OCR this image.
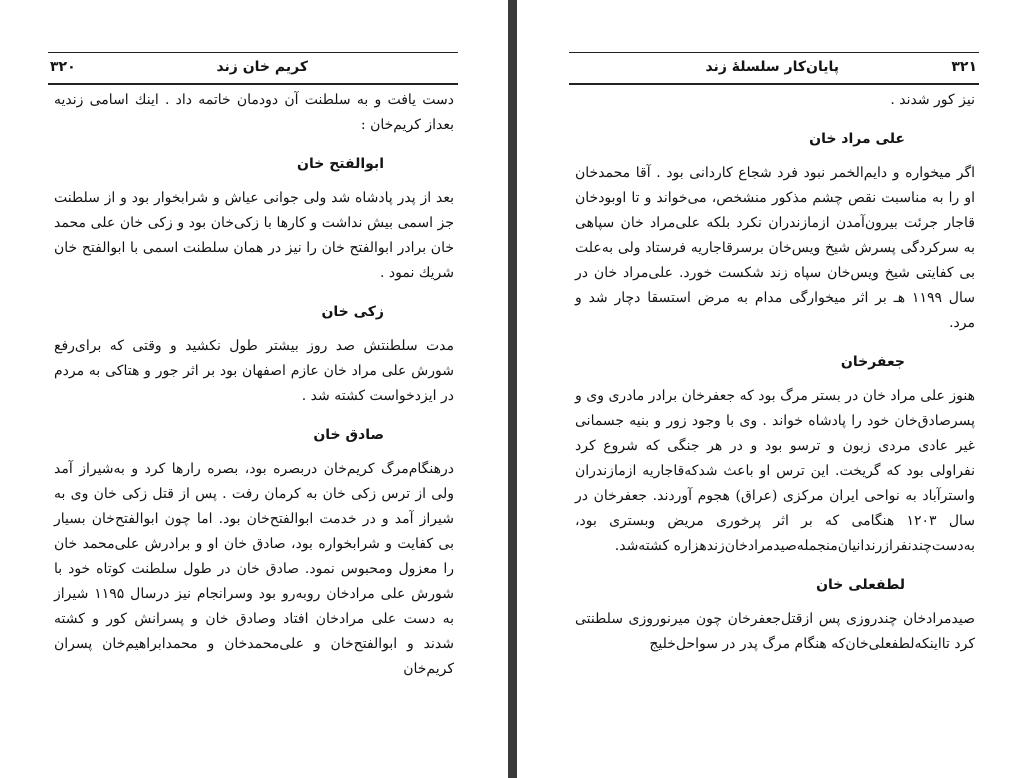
كريم خان زند
۳۲۰

دست يافت و به سلطنت آن دودمان خاتمه داد . اينك اسامی زنديه بعداز كريم‌خان :

ابوالفتح خان

بعد از پدر پادشاه شد ولی جوانی عياش و شرابخوار بود و از سلطنت جز اسمی بيش نداشت و كارها با زكی‌خان بود و زكی خان علی محمد خان برادر ابوالفتح خان را نيز در همان سلطنت اسمی با ابوالفتح خان شريك نمود .

زكی خان

مدت سلطنتش صد روز بيشتر طول نكشيد و وقتی كه برای‌رفع شورش علی مراد خان عازم اصفهان بود بر اثر جور و هتاكی به مردم در ايزدخواست كشته شد .

صادق خان

درهنگام‌مرگ كريم‌خان دربصره بود، بصره رارها كرد و به‌شيراز آمد ولی از ترس زكی خان به كرمان رفت . پس از قتل زكی خان وی به شيراز آمد و در خدمت ابوالفتح‌خان بود. اما چون ابوالفتح‌خان بسيار بی كفايت و شرابخواره بود، صادق خان او و برادرش علی‌محمد خان را معزول ومحبوس نمود. صادق خان در طول سلطنت كوتاه خود با شورش علی مرادخان روبه‌رو بود وسرانجام نيز درسال ۱۱۹۵ شيراز به دست علی مرادخان افتاد وصادق خان و پسرانش كور و كشته شدند و ابوالفتح‌خان و علی‌محمدخان و محمدابراهيم‌خان پسران كريم‌خان

۳۲۱
پايان‌كار سلسلهٔ زند

نيز كور شدند .

علی مراد خان

اگر ميخواره و دايم‌الخمر نبود فرد شجاع كاردانی بود . آقا محمدخان او را به مناسبت نقص چشم مذكور منشخص، می‌خواند و تا اوبودخان قاجار جرئت بيرون‌آمدن ازمازندران نكرد بلكه علی‌مراد خان سپاهی به سركردگی پسرش شيخ ويس‌خان برسرقاجاريه فرستاد ولی به‌علت بی كفايتی شيخ ويس‌خان سپاه زند شكست خورد. علی‌مراد خان در سال ۱۱۹۹ هـ بر اثر ميخوارگی مدام به مرض استسقا دچار شد و مرد.

جعفرخان

هنوز علی مراد خان در بستر مرگ بود كه جعفرخان برادر مادری وی و پسرصادق‌خان خود را پادشاه خواند . وی با وجود زور و بنيه جسمانی غير عادی مردی زبون و ترسو بود و در هر جنگی كه شروع كرد نفراولی بود كه گريخت. اين ترس او باعث شدكه‌قاجاريه ازمازندران واسترآباد به نواحی ايران مركزی (عراق) هجوم آوردند. جعفرخان در سال ۱۲۰۳ هنگامی كه بر اثر پرخوری مريض وبستری بود، به‌دست‌چندنفرازرندانيان‌منجمله‌صيدمرادخان‌زندهزاره كشته‌شد.

لطفعلی خان

صيدمرادخان چندروزی پس ازقتل‌جعفرخان چون ميرنوروزی سلطنتی كرد تااينكه‌لطفعلی‌خان‌كه هنگام مرگ پدر در سواحل‌خليج
